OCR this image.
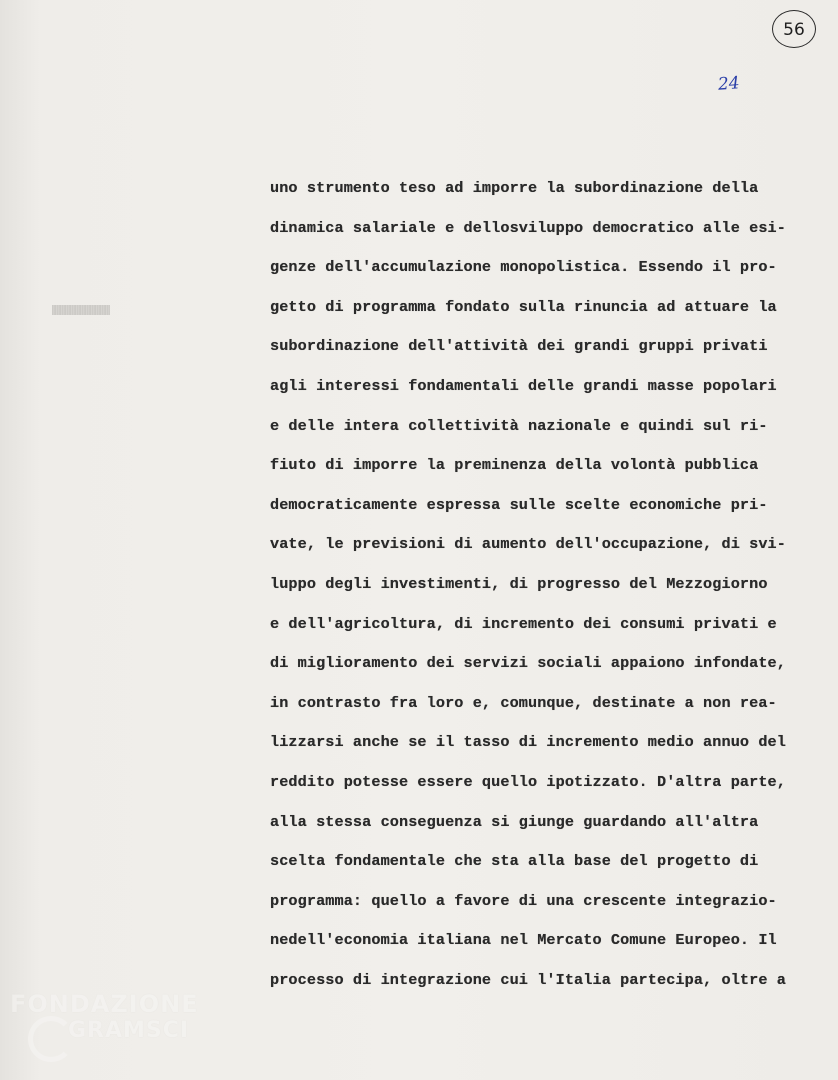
56
24
uno strumento teso ad imporre la subordinazione della
dinamica salariale e dellosviluppo democratico alle esi-
genze dell'accumulazione monopolistica. Essendo il pro-
getto di programma fondato sulla rinuncia ad attuare la
subordinazione dell'attività dei grandi gruppi privati
agli interessi fondamentali delle grandi masse popolari
e delle intera collettività nazionale e quindi sul ri-
fiuto di imporre la preminenza della volontà pubblica
democraticamente espressa sulle scelte economiche pri-
vate, le previsioni di aumento dell'occupazione, di svi-
luppo degli investimenti, di progresso del Mezzogiorno
e dell'agricoltura, di incremento dei consumi privati e
di miglioramento dei servizi sociali appaiono infondate,
in contrasto fra loro e, comunque, destinate a non rea-
lizzarsi anche se il tasso di incremento medio annuo del
reddito potesse essere quello ipotizzato. D'altra parte,
alla stessa conseguenza si giunge guardando all'altra
scelta fondamentale che sta alla base del progetto di
programma: quello a favore di una crescente integrazio-
nedell'economia italiana nel Mercato Comune Europeo. Il
processo di integrazione cui l'Italia partecipa, oltre a
FONDAZIONE
GRAMSCI
